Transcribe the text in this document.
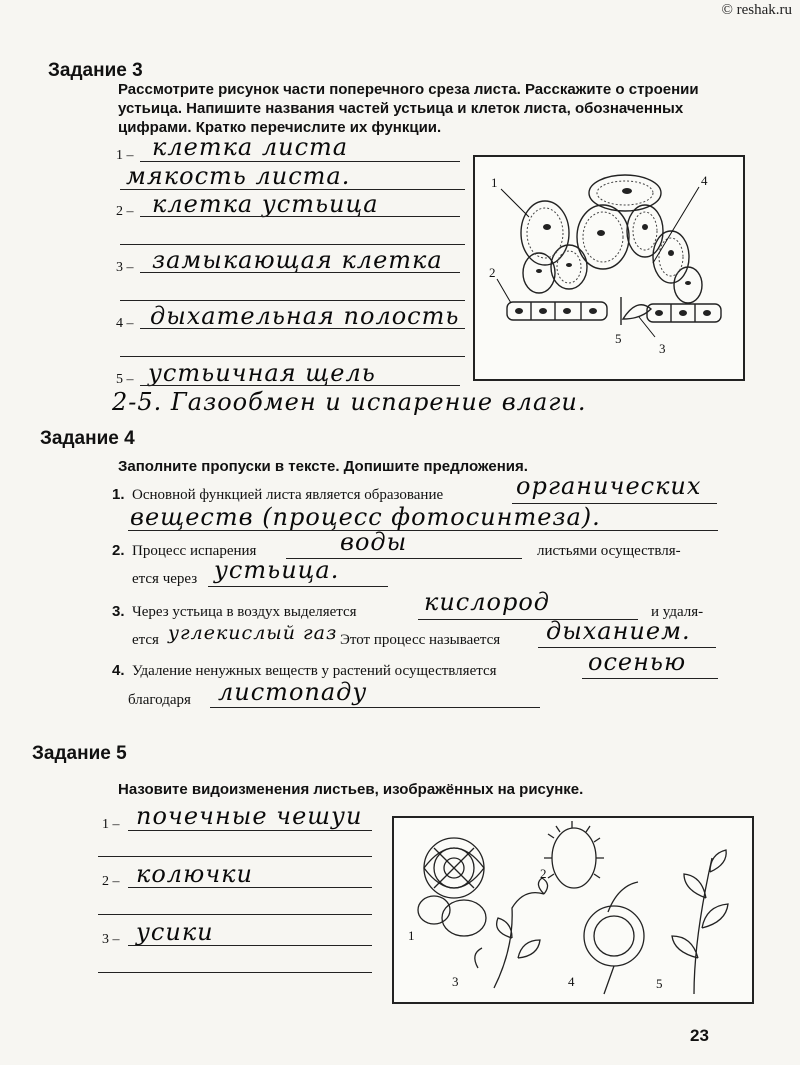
© reshak.ru
Задание 3
Рассмотрите рисунок части поперечного среза листа. Расскажите о строении устьица. Напишите названия частей устьица и клеток листа, обозначенных цифрами. Кратко перечислите их функции.
1 – клетка листа
мякость листа.
2 – клетка устьица
3 – замыкающая клетка
4 – дыхательная полость
5 – устьичная щель
2-5. Газообмен и испарение влаги.
1	4
2
3
5
Задание 4
Заполните пропуски в тексте. Допишите предложения.
1. Основной функцией листа является образование	органических
веществ (процесс фотосинтеза).
2. Процесс испарения	воды	листьями осуществля-
ется через устьица.
3. Через устьица в воздух выделяется	кислород	и удаля-
ется углекислый газ Этот процесс называется дыханием.
4. Удаление ненужных веществ у растений осуществляется	осенью
благодаря листопаду
Задание 5
Назовите видоизменения листьев, изображённых на рисунке.
1 – почечные чешуи
2 – колючки
3 – усики	1
2
3	4	5
23
